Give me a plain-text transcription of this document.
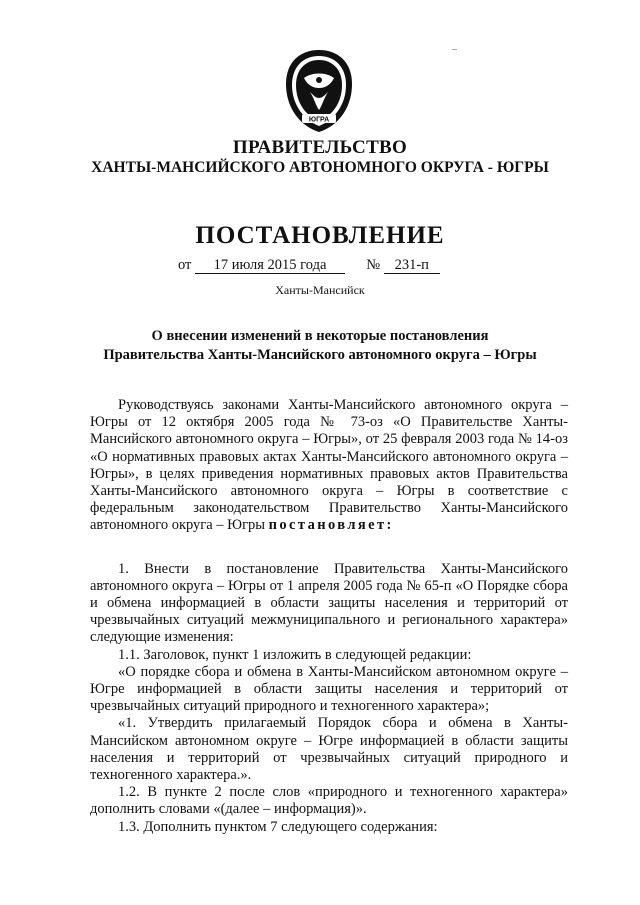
–
ЮГРА
ПРАВИТЕЛЬСТВО
ХАНТЫ-МАНСИЙСКОГО АВТОНОМНОГО ОКРУГА - ЮГРЫ
ПОСТАНОВЛЕНИЕ
от 17 июля 2015 года	№ 231-п
Ханты-Мансийск
О внесении изменений в некоторые постановления
Правительства Ханты-Мансийского автономного округа – Югры

Руководствуясь законами Ханты-Мансийского автономного округа – Югры от 12 октября 2005 года № 73-оз «О Правительстве Ханты-Мансийского автономного округа – Югры», от 25 февраля 2003 года № 14-оз «О нормативных правовых актах Ханты-Мансийского автономного округа – Югры», в целях приведения нормативных правовых актов Правительства Ханты-Мансийского автономного округа – Югры в соответствие с федеральным законодательством Правительство Ханты-Мансийского автономного округа – Югры постановляет:

1. Внести в постановление Правительства Ханты-Мансийского автономного округа – Югры от 1 апреля 2005 года № 65-п «О Порядке сбора и обмена информацией в области защиты населения и территорий от чрезвычайных ситуаций межмуниципального и регионального характера» следующие изменения:

1.1. Заголовок, пункт 1 изложить в следующей редакции:

«О порядке сбора и обмена в Ханты-Мансийском автономном округе – Югре информацией в области защиты населения и территорий от чрезвычайных ситуаций природного и техногенного характера»;

«1. Утвердить прилагаемый Порядок сбора и обмена в Ханты-Мансийском автономном округе – Югре информацией в области защиты населения и территорий от чрезвычайных ситуаций природного и техногенного характера.».

1.2. В пункте 2 после слов «природного и техногенного характера» дополнить словами «(далее – информация)».

1.3. Дополнить пунктом 7 следующего содержания:
